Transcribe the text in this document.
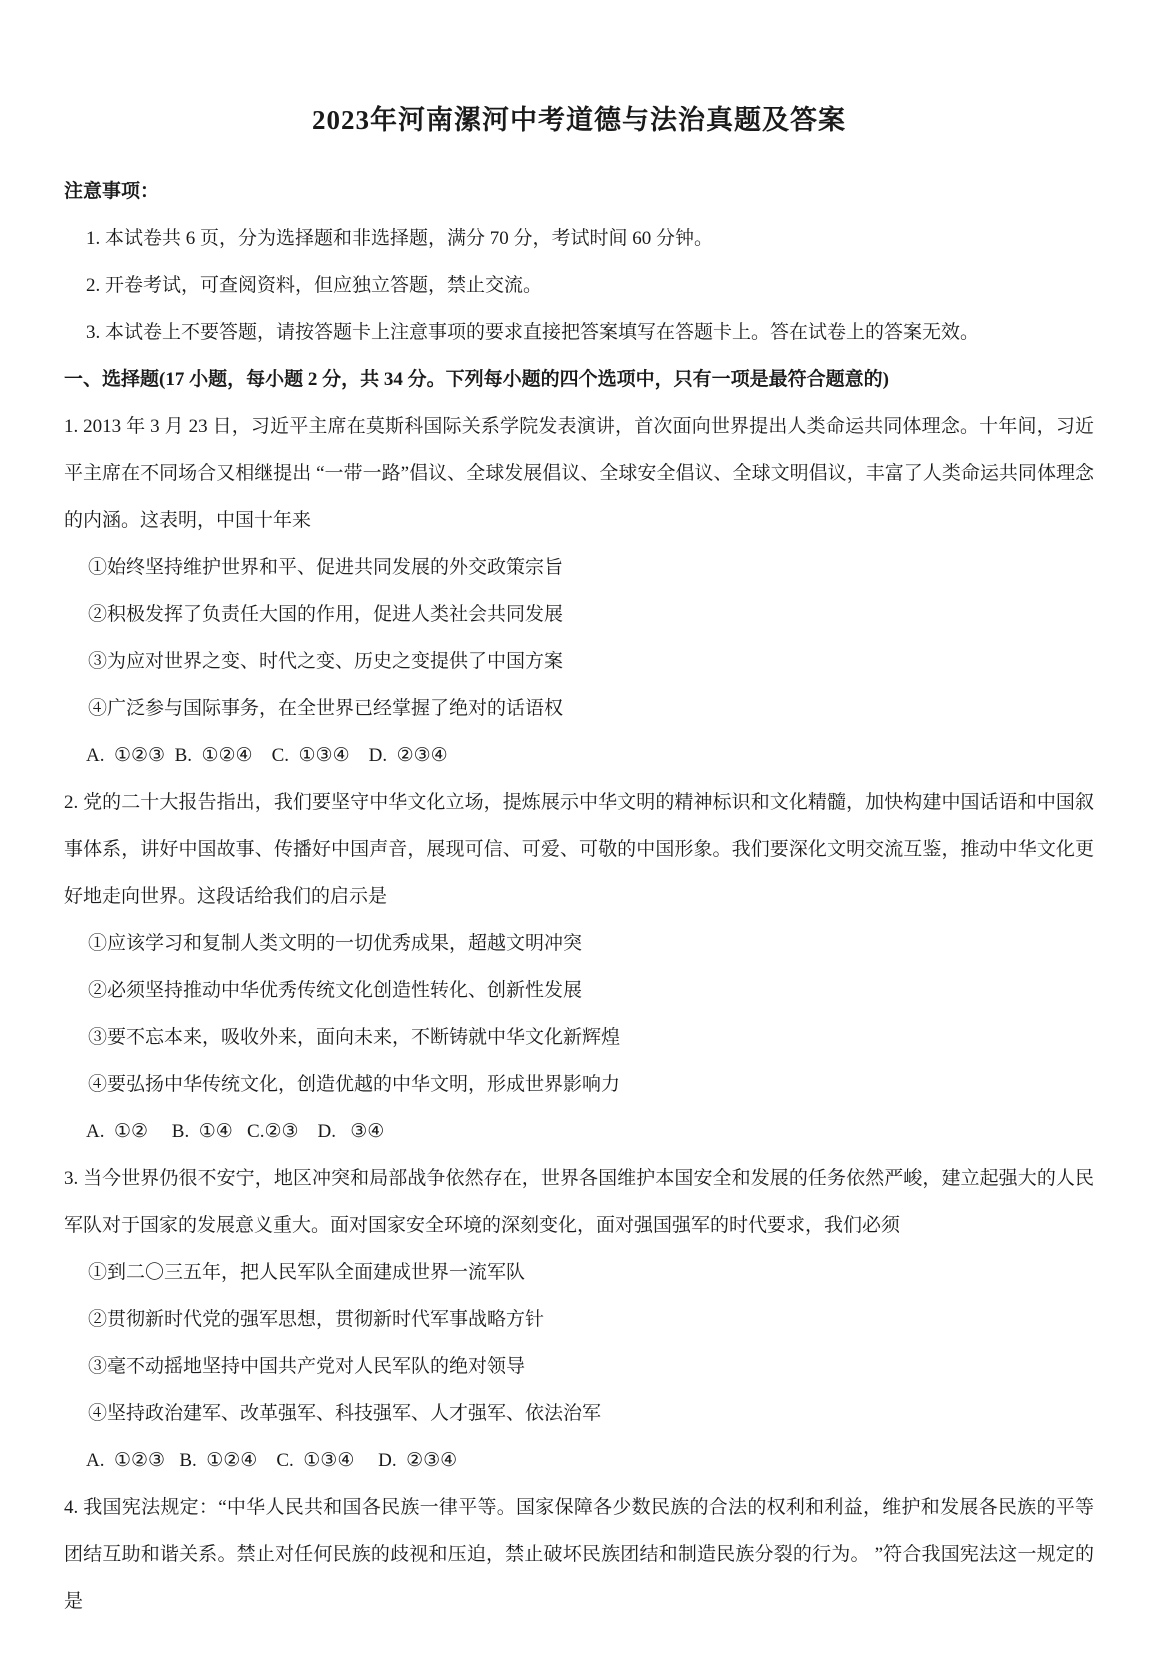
2023年河南漯河中考道德与法治真题及答案

注意事项：

1. 本试卷共 6 页，分为选择题和非选择题，满分 70 分，考试时间 60 分钟。

2. 开卷考试，可查阅资料，但应独立答题，禁止交流。

3. 本试卷上不要答题，请按答题卡上注意事项的要求直接把答案填写在答题卡上。答在试卷上的答案无效。

一、选择题(17 小题，每小题 2 分，共 34 分。下列每小题的四个选项中，只有一项是最符合题意的)

1. 2013 年 3 月 23 日，习近平主席在莫斯科国际关系学院发表演讲，首次面向世界提出人类命运共同体理念。十年间，习近平主席在不同场合又相继提出 “一带一路”倡议、全球发展倡议、全球安全倡议、全球文明倡议，丰富了人类命运共同体理念的内涵。这表明，中国十年来

①始终坚持维护世界和平、促进共同发展的外交政策宗旨

②积极发挥了负责任大国的作用，促进人类社会共同发展

③为应对世界之变、时代之变、历史之变提供了中国方案

④广泛参与国际事务，在全世界已经掌握了绝对的话语权

A.  ①②③  B.  ①②④    C.  ①③④    D.  ②③④

2. 党的二十大报告指出，我们要坚守中华文化立场，提炼展示中华文明的精神标识和文化精髓，加快构建中国话语和中国叙事体系，讲好中国故事、传播好中国声音，展现可信、可爱、可敬的中国形象。我们要深化文明交流互鉴，推动中华文化更好地走向世界。这段话给我们的启示是

①应该学习和复制人类文明的一切优秀成果，超越文明冲突

②必须坚持推动中华优秀传统文化创造性转化、创新性发展

③要不忘本来，吸收外来，面向未来，不断铸就中华文化新辉煌

④要弘扬中华传统文化，创造优越的中华文明，形成世界影响力

A.  ①②     B.  ①④   C.②③    D.   ③④

3. 当今世界仍很不安宁，地区冲突和局部战争依然存在，世界各国维护本国安全和发展的任务依然严峻，建立起强大的人民军队对于国家的发展意义重大。面对国家安全环境的深刻变化，面对强国强军的时代要求，我们必须

①到二〇三五年，把人民军队全面建成世界一流军队

②贯彻新时代党的强军思想，贯彻新时代军事战略方针

③毫不动摇地坚持中国共产党对人民军队的绝对领导

④坚持政治建军、改革强军、科技强军、人才强军、依法治军

A.  ①②③   B.  ①②④    C.  ①③④     D.  ②③④

4. 我国宪法规定：“中华人民共和国各民族一律平等。国家保障各少数民族的合法的权利和利益，维护和发展各民族的平等团结互助和谐关系。禁止对任何民族的歧视和压迫，禁止破坏民族团结和制造民族分裂的行为。 ”符合我国宪法这一规定的是
